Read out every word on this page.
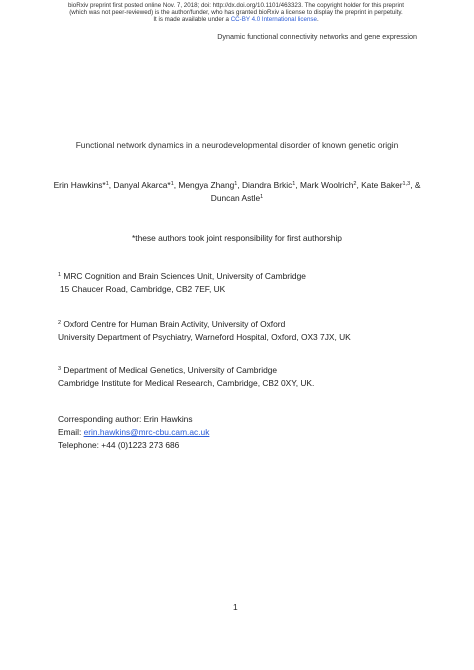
bioRxiv preprint first posted online Nov. 7, 2018; doi: http://dx.doi.org/10.1101/463323. The copyright holder for this preprint
(which was not peer-reviewed) is the author/funder, who has granted bioRxiv a license to display the preprint in perpetuity.
It is made available under a CC-BY 4.0 International license.
Dynamic functional connectivity networks and gene expression
Functional network dynamics in a neurodevelopmental disorder of known genetic origin
Erin Hawkins*$^1$, Danyal Akarca*$^1$, Mengya Zhang$^1$, Diandra Brkic$^1$, Mark Woolrich$^2$, Kate Baker$^{1,3}$, &
Duncan Astle$^1$
*these authors took joint responsibility for first authorship
$^1$ MRC Cognition and Brain Sciences Unit, University of Cambridge
15 Chaucer Road, Cambridge, CB2 7EF, UK
$^2$ Oxford Centre for Human Brain Activity, University of Oxford
University Department of Psychiatry, Warneford Hospital, Oxford, OX3 7JX, UK
$^3$ Department of Medical Genetics, University of Cambridge
Cambridge Institute for Medical Research, Cambridge, CB2 0XY, UK.
Corresponding author: Erin Hawkins
Email: erin.hawkins@mrc-cbu.cam.ac.uk
Telephone: +44 (0)1223 273 686
1
